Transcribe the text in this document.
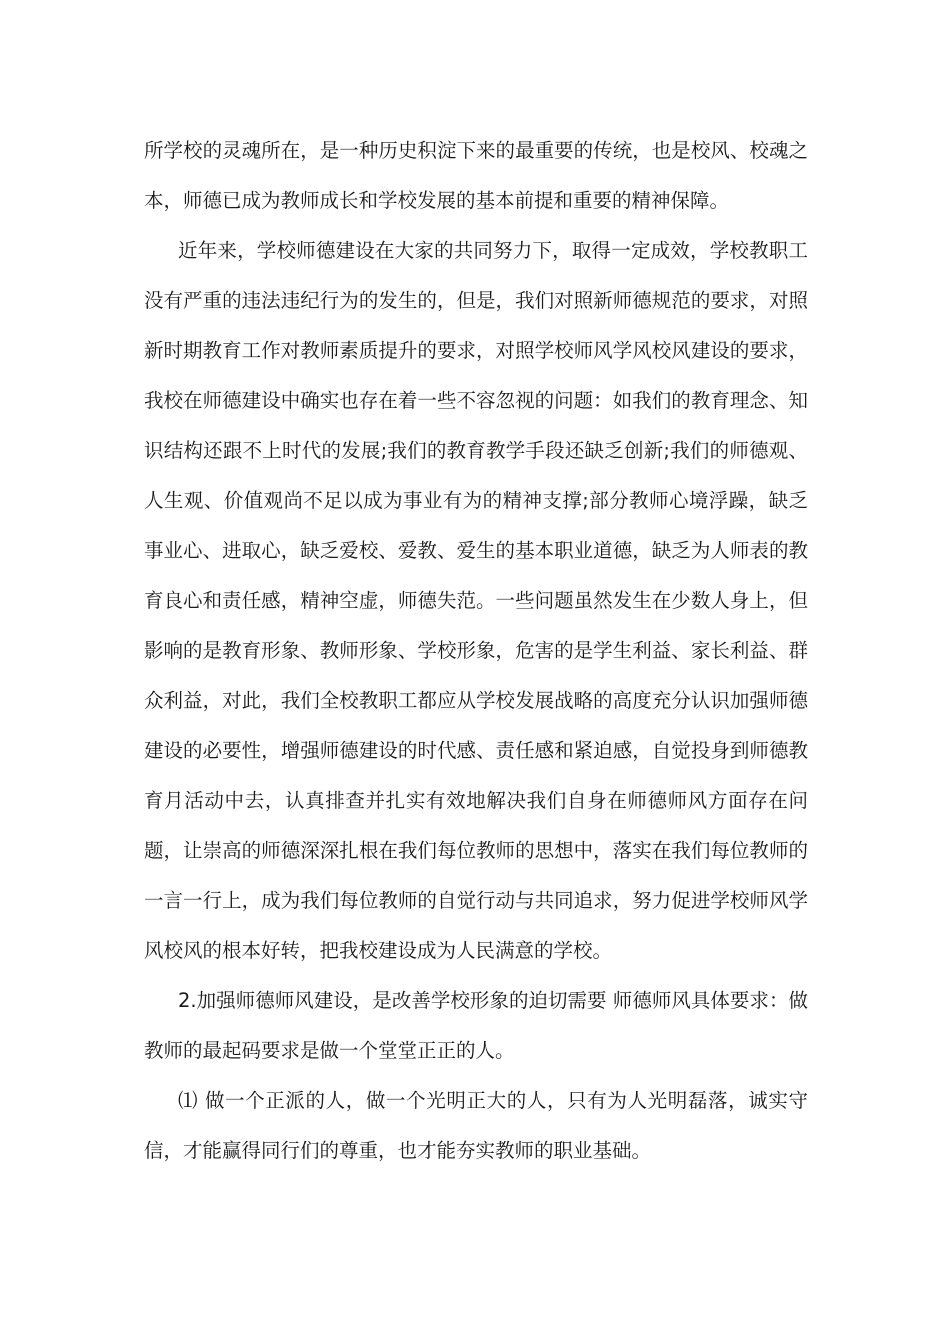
所学校的灵魂所在，是一种历史积淀下来的最重要的传统，也是校风、校魂之本，师德已成为教师成长和学校发展的基本前提和重要的精神保障。

近年来，学校师德建设在大家的共同努力下，取得一定成效，学校教职工没有严重的违法违纪行为的发生的，但是，我们对照新师德规范的要求，对照新时期教育工作对教师素质提升的要求，对照学校师风学风校风建设的要求，我校在师德建设中确实也存在着一些不容忽视的问题：如我们的教育理念、知识结构还跟不上时代的发展;我们的教育教学手段还缺乏创新;我们的师德观、人生观、价值观尚不足以成为事业有为的精神支撑;部分教师心境浮躁，缺乏事业心、进取心，缺乏爱校、爱教、爱生的基本职业道德，缺乏为人师表的教育良心和责任感，精神空虚，师德失范。一些问题虽然发生在少数人身上，但影响的是教育形象、教师形象、学校形象，危害的是学生利益、家长利益、群众利益，对此，我们全校教职工都应从学校发展战略的高度充分认识加强师德建设的必要性，增强师德建设的时代感、责任感和紧迫感，自觉投身到师德教育月活动中去，认真排查并扎实有效地解决我们自身在师德师风方面存在问题，让崇高的师德深深扎根在我们每位教师的思想中，落实在我们每位教师的一言一行上，成为我们每位教师的自觉行动与共同追求，努力促进学校师风学风校风的根本好转，把我校建设成为人民满意的学校。

2.加强师德师风建设，是改善学校形象的迫切需要 师德师风具体要求：做教师的最起码要求是做一个堂堂正正的人。

⑴ 做一个正派的人，做一个光明正大的人，只有为人光明磊落，诚实守信，才能赢得同行们的尊重，也才能夯实教师的职业基础。
